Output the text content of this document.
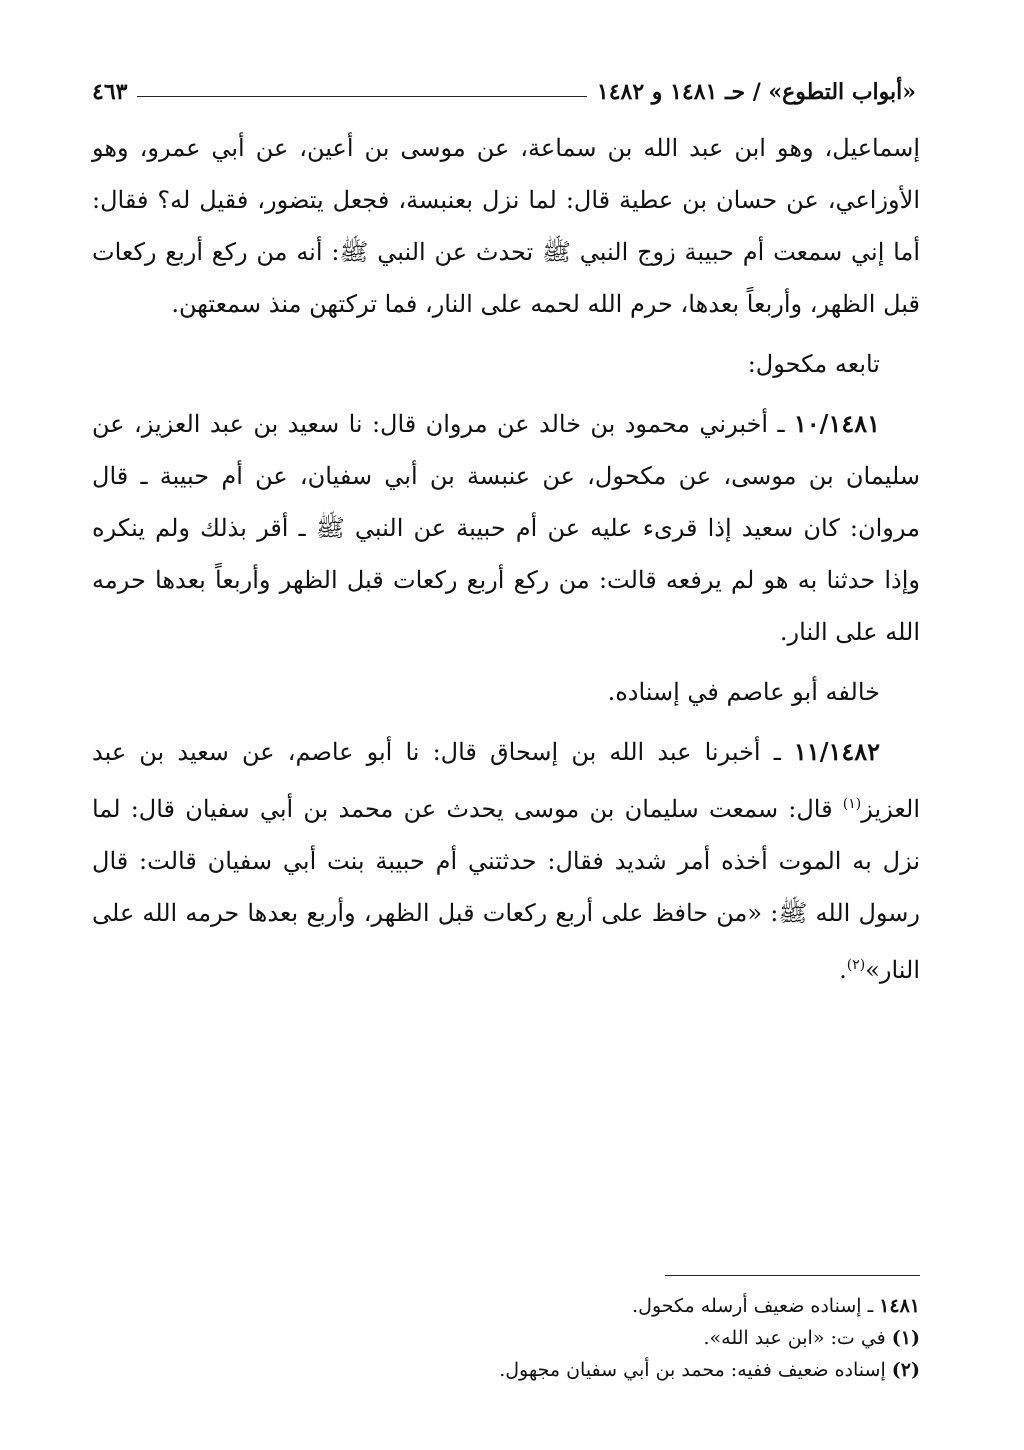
«أبواب التطوع» / حـ ١٤٨١ و ١٤٨٢
٤٦٣

إسماعيل، وهو ابن عبد الله بن سماعة، عن موسى بن أعين، عن أبي عمرو، وهو الأوزاعي، عن حسان بن عطية قال: لما نزل بعنبسة، فجعل يتضور، فقيل له؟ فقال: أما إني سمعت أم حبيبة زوج النبي ﷺ تحدث عن النبي ﷺ: أنه من ركع أربع ركعات قبل الظهر، وأربعاً بعدها، حرم الله لحمه على النار، فما تركتهن منذ سمعتهن.

تابعه مكحول:

١٠/١٤٨١ ـ أخبرني محمود بن خالد عن مروان قال: نا سعيد بن عبد العزيز، عن سليمان بن موسى، عن مكحول، عن عنبسة بن أبي سفيان، عن أم حبيبة ـ قال مروان: كان سعيد إذا قرىء عليه عن أم حبيبة عن النبي ﷺ ـ أقر بذلك ولم ينكره وإذا حدثنا به هو لم يرفعه قالت: من ركع أربع ركعات قبل الظهر وأربعاً بعدها حرمه الله على النار.

خالفه أبو عاصم في إسناده.

١١/١٤٨٢ ـ أخبرنا عبد الله بن إسحاق قال: نا أبو عاصم، عن سعيد بن عبد العزيز$^{(١)}$ قال: سمعت سليمان بن موسى يحدث عن محمد بن أبي سفيان قال: لما نزل به الموت أخذه أمر شديد فقال: حدثتني أم حبيبة بنت أبي سفيان قالت: قال رسول الله ﷺ: «من حافظ على أربع ركعات قبل الظهر، وأربع بعدها حرمه الله على النار»$^{(٢)}$.

١٤٨١ ـ إسناده ضعيف أرسله مكحول.

(١) في ت: «ابن عبد الله».

(٢) إسناده ضعيف ففيه: محمد بن أبي سفيان مجهول.
